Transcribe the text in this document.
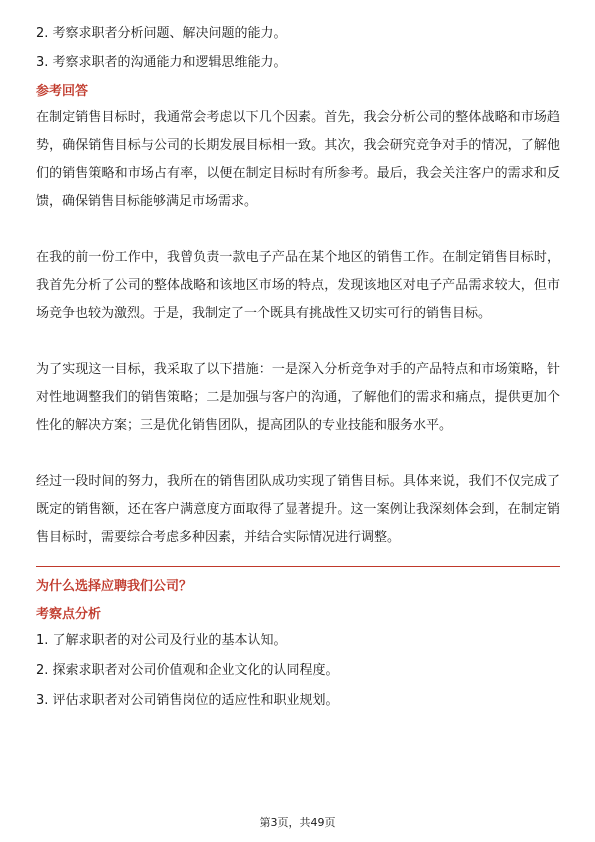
2. 考察求职者分析问题、解决问题的能力。
3. 考察求职者的沟通能力和逻辑思维能力。
参考回答
在制定销售目标时，我通常会考虑以下几个因素。首先，我会分析公司的整体战略和市场趋势，确保销售目标与公司的长期发展目标相一致。其次，我会研究竞争对手的情况，了解他们的销售策略和市场占有率，以便在制定目标时有所参考。最后，我会关注客户的需求和反馈，确保销售目标能够满足市场需求。
在我的前一份工作中，我曾负责一款电子产品在某个地区的销售工作。在制定销售目标时，我首先分析了公司的整体战略和该地区市场的特点，发现该地区对电子产品需求较大，但市场竞争也较为激烈。于是，我制定了一个既具有挑战性又切实可行的销售目标。
为了实现这一目标，我采取了以下措施：一是深入分析竞争对手的产品特点和市场策略，针对性地调整我们的销售策略；二是加强与客户的沟通，了解他们的需求和痛点，提供更加个性化的解决方案；三是优化销售团队，提高团队的专业技能和服务水平。
经过一段时间的努力，我所在的销售团队成功实现了销售目标。具体来说，我们不仅完成了既定的销售额，还在客户满意度方面取得了显著提升。这一案例让我深刻体会到，在制定销售目标时，需要综合考虑多种因素，并结合实际情况进行调整。
为什么选择应聘我们公司？
考察点分析
1. 了解求职者的对公司及行业的基本认知。
2. 探索求职者对公司价值观和企业文化的认同程度。
3. 评估求职者对公司销售岗位的适应性和职业规划。
第3页，共49页
